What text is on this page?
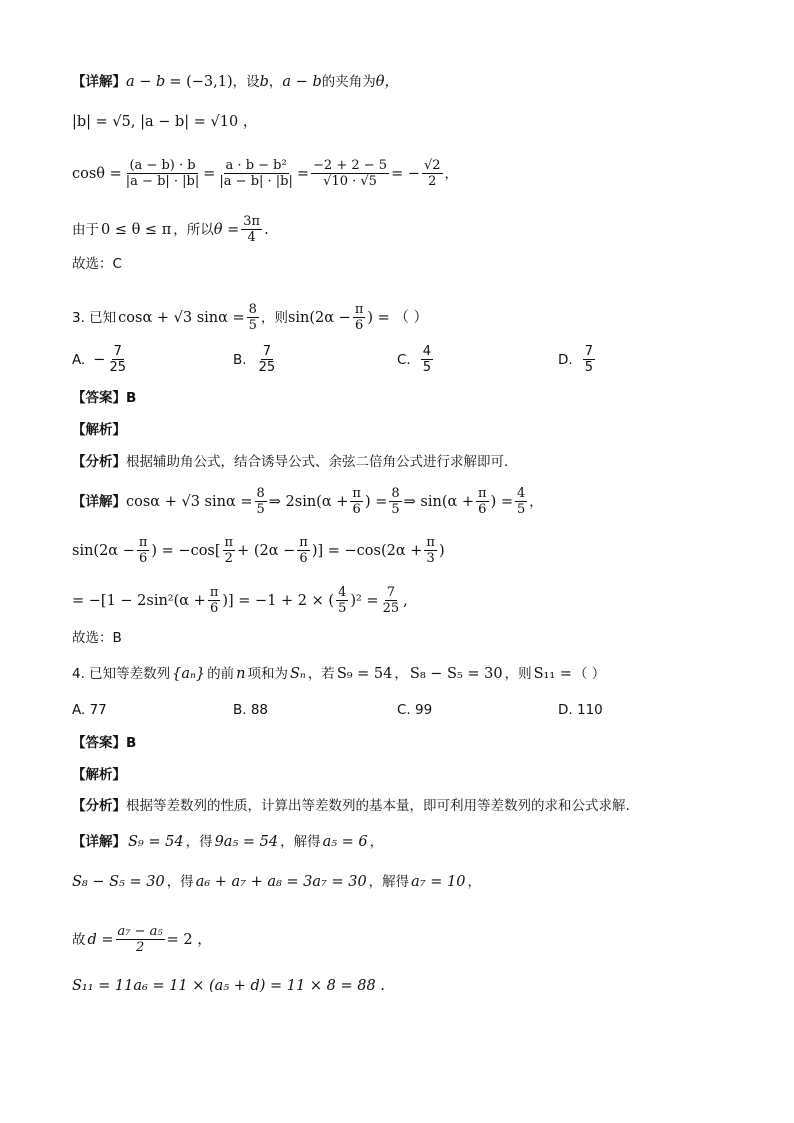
【详解】 a − b = (−3,1) ，设 b ， a − b 的夹角为 θ，
|b| = √5, |a − b| = √10 ，
$\cos\theta = \frac{(a - b) \cdot b}{|a - b| \cdot |b|} = \frac{\text{a · b − b²}}{|a - b| \cdot |b|} = \frac{-2 + 2 - 5}{√10 \cdot √5}$ = − $\frac{√2}{2}$ ，
由于 0 ≤ θ ≤ π ，所以 $\theta = \frac{3\pi}{4}$ .
故选：C
3. 已知 cosα + √3 $\sin\alpha = \frac{8}{5}$ ，则 $\sin(2\alpha - \frac{\pi}{6}$ ) = （ ）
A. − $\frac{7}{25}$	B. $\frac{7}{25}$	C. $\frac{4}{5}$	D. $\frac{7}{5}$
【答案】B
【解析】
【分析】 根据辅助角公式，结合诱导公式、余弦二倍角公式进行求解即可.
【详解】 cosα + √3 $\sin\alpha = \frac{8}{5}$ ⇒ $2\sin(\alpha + \frac{\pi}{6}$ ) = $\frac{8}{5}$ ⇒ $\sin(\alpha + \frac{\pi}{6}$ ) = $\frac{4}{5}$ ，
$\sin(2\alpha - \frac{\pi}{6}$ ) = $-\cos[ \frac{\pi}{2} + (2\alpha - \frac{\pi}{6}$ )] = $-\cos(2\alpha + \frac{\pi}{3}$ )
= $-[1 - 2\sin^2(\alpha + \frac{\pi}{6}$ )] = −1 + 2 × ( $\frac{4}{5} )^2 = \frac{7}{25}$ ,
故选：B
4. 已知等差数列 {aₙ} 的前 n 项和为 Sₙ ，若 S₉ = 54 ， S₈ − S₅ = 30 ，则 S₁₁ = （ ）
A. 77	B. 88	C. 99	D. 110
【答案】B
【解析】
【分析】 根据等差数列的性质，计算出等差数列的基本量，即可利用等差数列的求和公式求解.
【详解】 S₉ = 54 ，得 9a₅ = 54 ，解得 a₅ = 6 ，
S₈ − S₅ = 30 ，得 a₆ + a₇ + a₈ = 3a₇ = 30 ，解得 a₇ = 10 ，
故 $d = \frac{\text{a₇ − a₅}}{2} = 2$ ，
S₁₁ = 11a₆ = 11 × (a₅ + d) = 11 × 8 = 88 .
